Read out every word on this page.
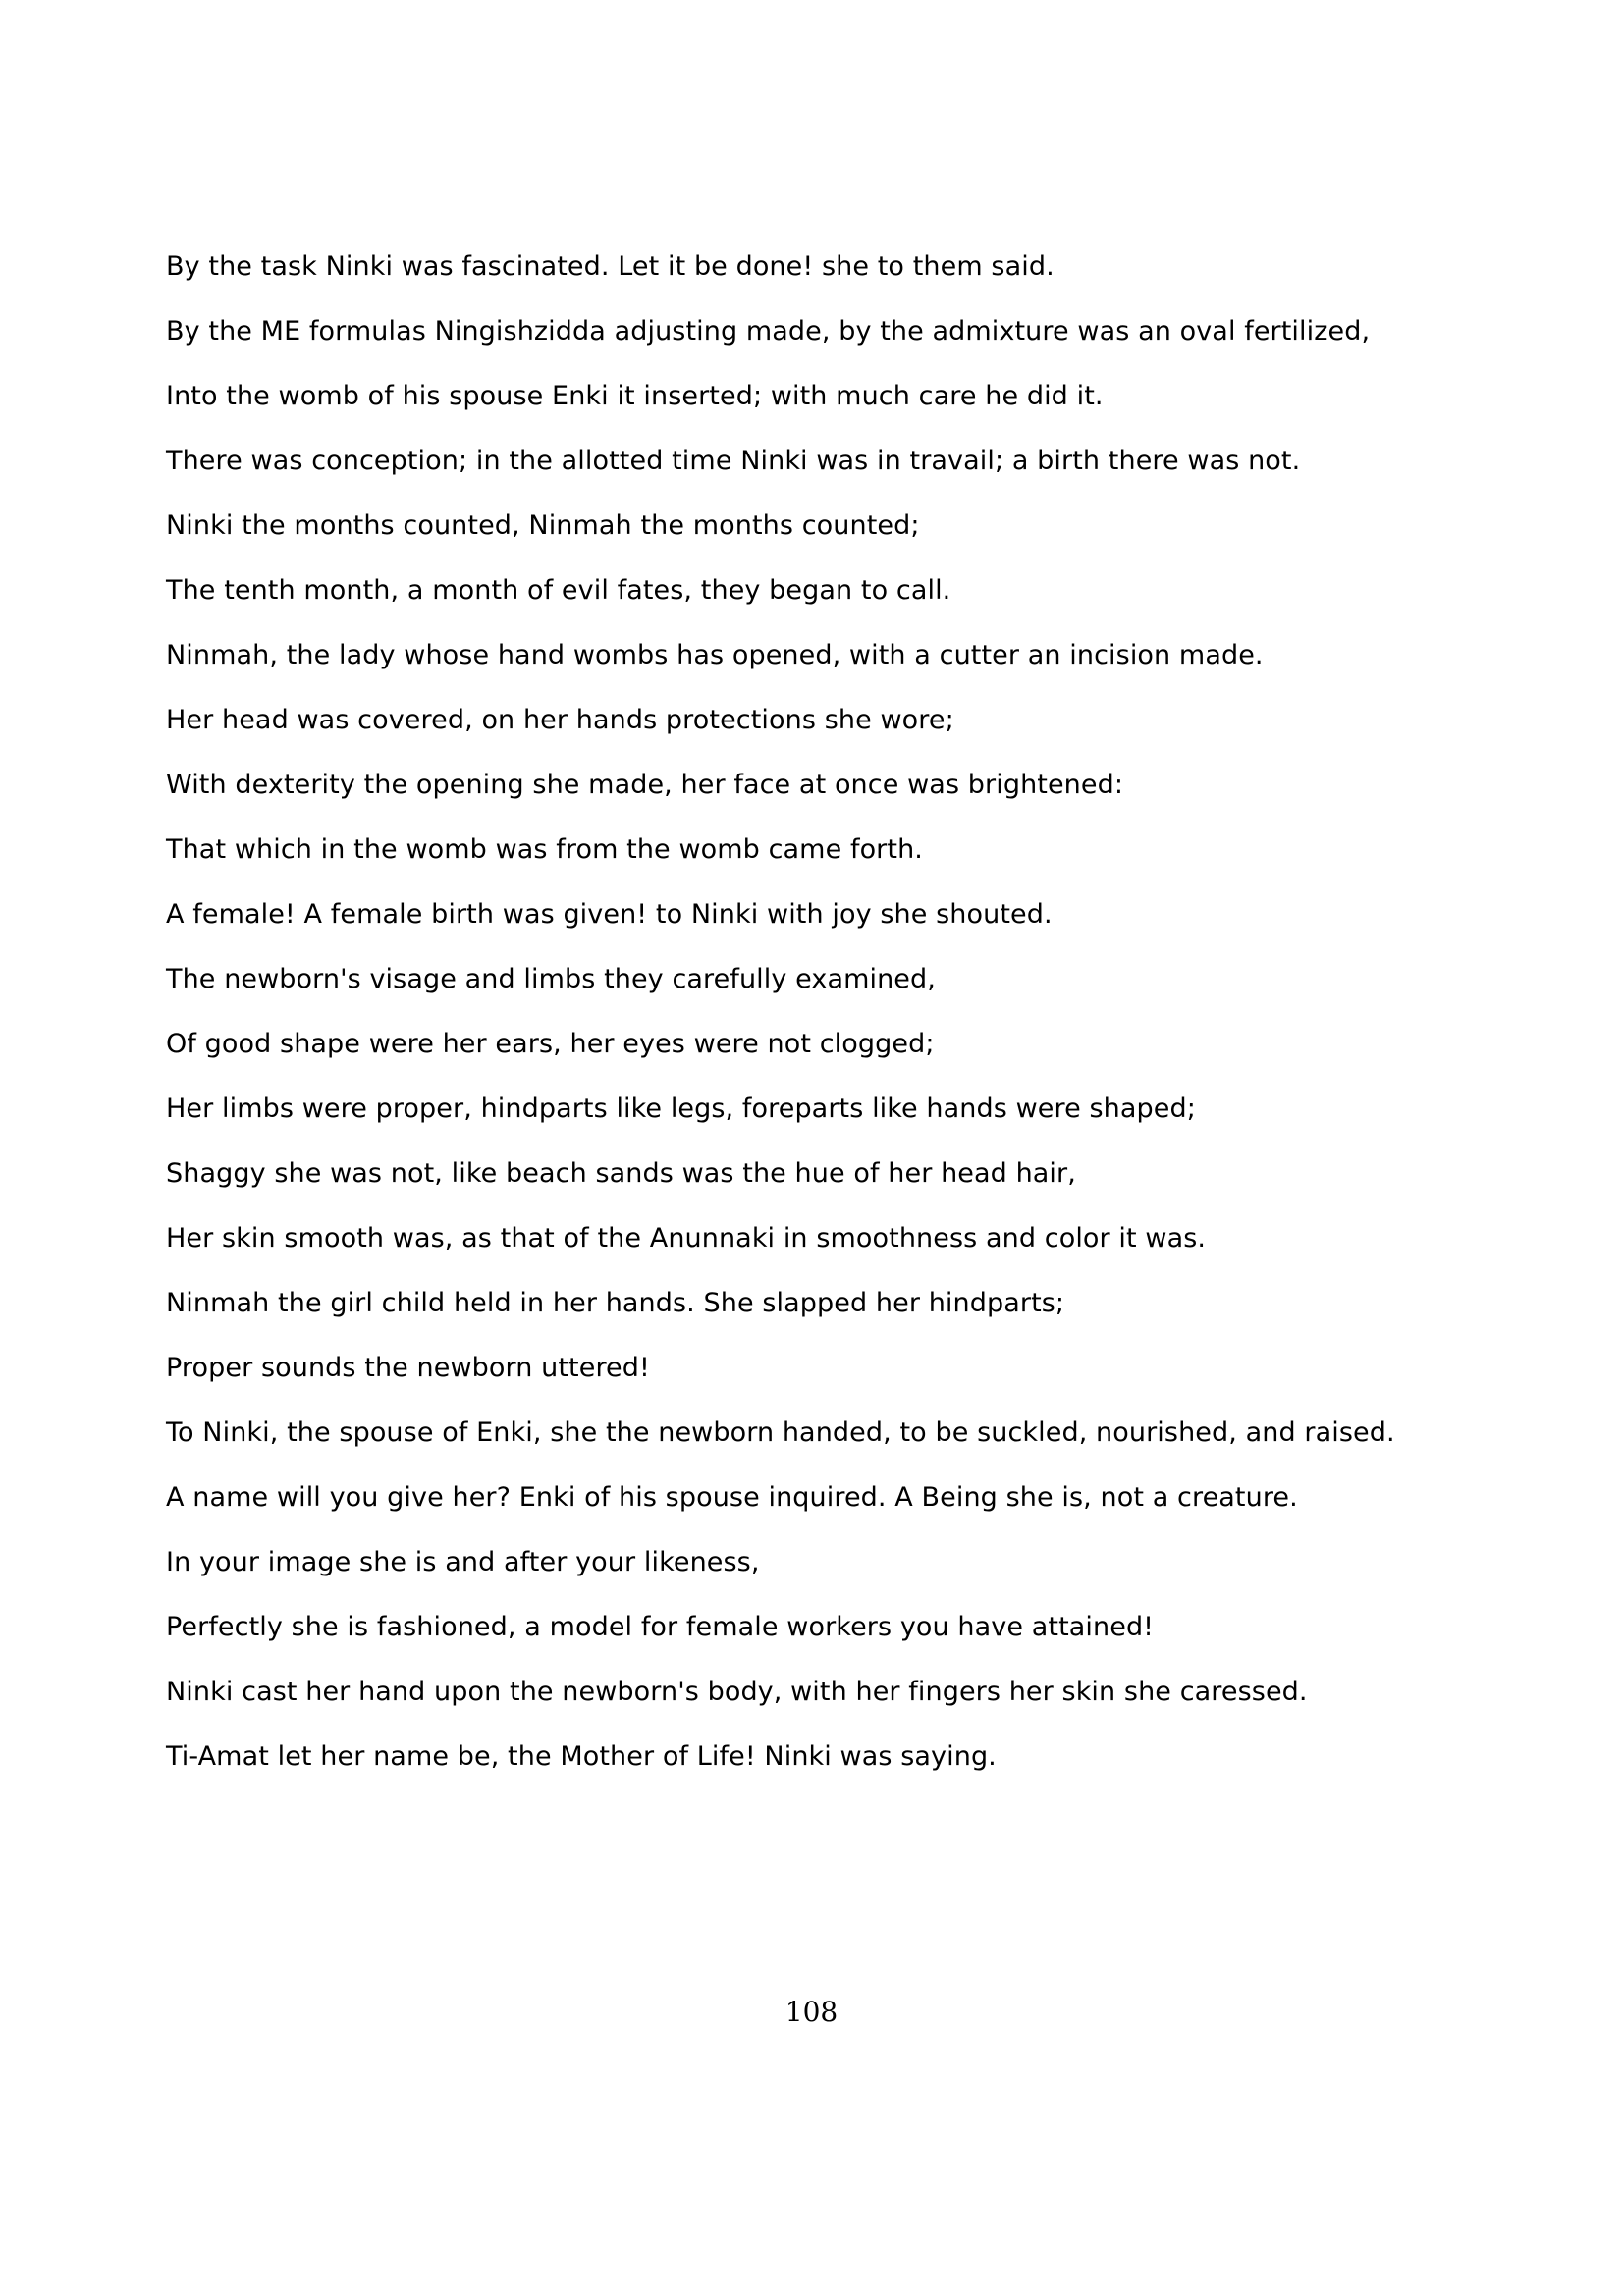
By the task Ninki was fascinated. Let it be done! she to them said.
By the ME formulas Ningishzidda adjusting made, by the admixture was an oval fertilized,
Into the womb of his spouse Enki it inserted; with much care he did it.
There was conception; in the allotted time Ninki was in travail; a birth there was not.
Ninki the months counted, Ninmah the months counted;
The tenth month, a month of evil fates, they began to call.
Ninmah, the lady whose hand wombs has opened, with a cutter an incision made.
Her head was covered, on her hands protections she wore;
With dexterity the opening she made, her face at once was brightened:
That which in the womb was from the womb came forth.
A female! A female birth was given! to Ninki with joy she shouted.
The newborn's visage and limbs they carefully examined,
Of good shape were her ears, her eyes were not clogged;
Her limbs were proper, hindparts like legs, foreparts like hands were shaped;
Shaggy she was not, like beach sands was the hue of her head hair,
Her skin smooth was, as that of the Anunnaki in smoothness and color it was.
Ninmah the girl child held in her hands. She slapped her hindparts;
Proper sounds the newborn uttered!
To Ninki, the spouse of Enki, she the newborn handed, to be suckled, nourished, and raised.
A name will you give her? Enki of his spouse inquired. A Being she is, not a creature.
In your image she is and after your likeness,
Perfectly she is fashioned, a model for female workers you have attained!
Ninki cast her hand upon the newborn's body, with her fingers her skin she caressed.
Ti-Amat let her name be, the Mother of Life! Ninki was saying.
108
